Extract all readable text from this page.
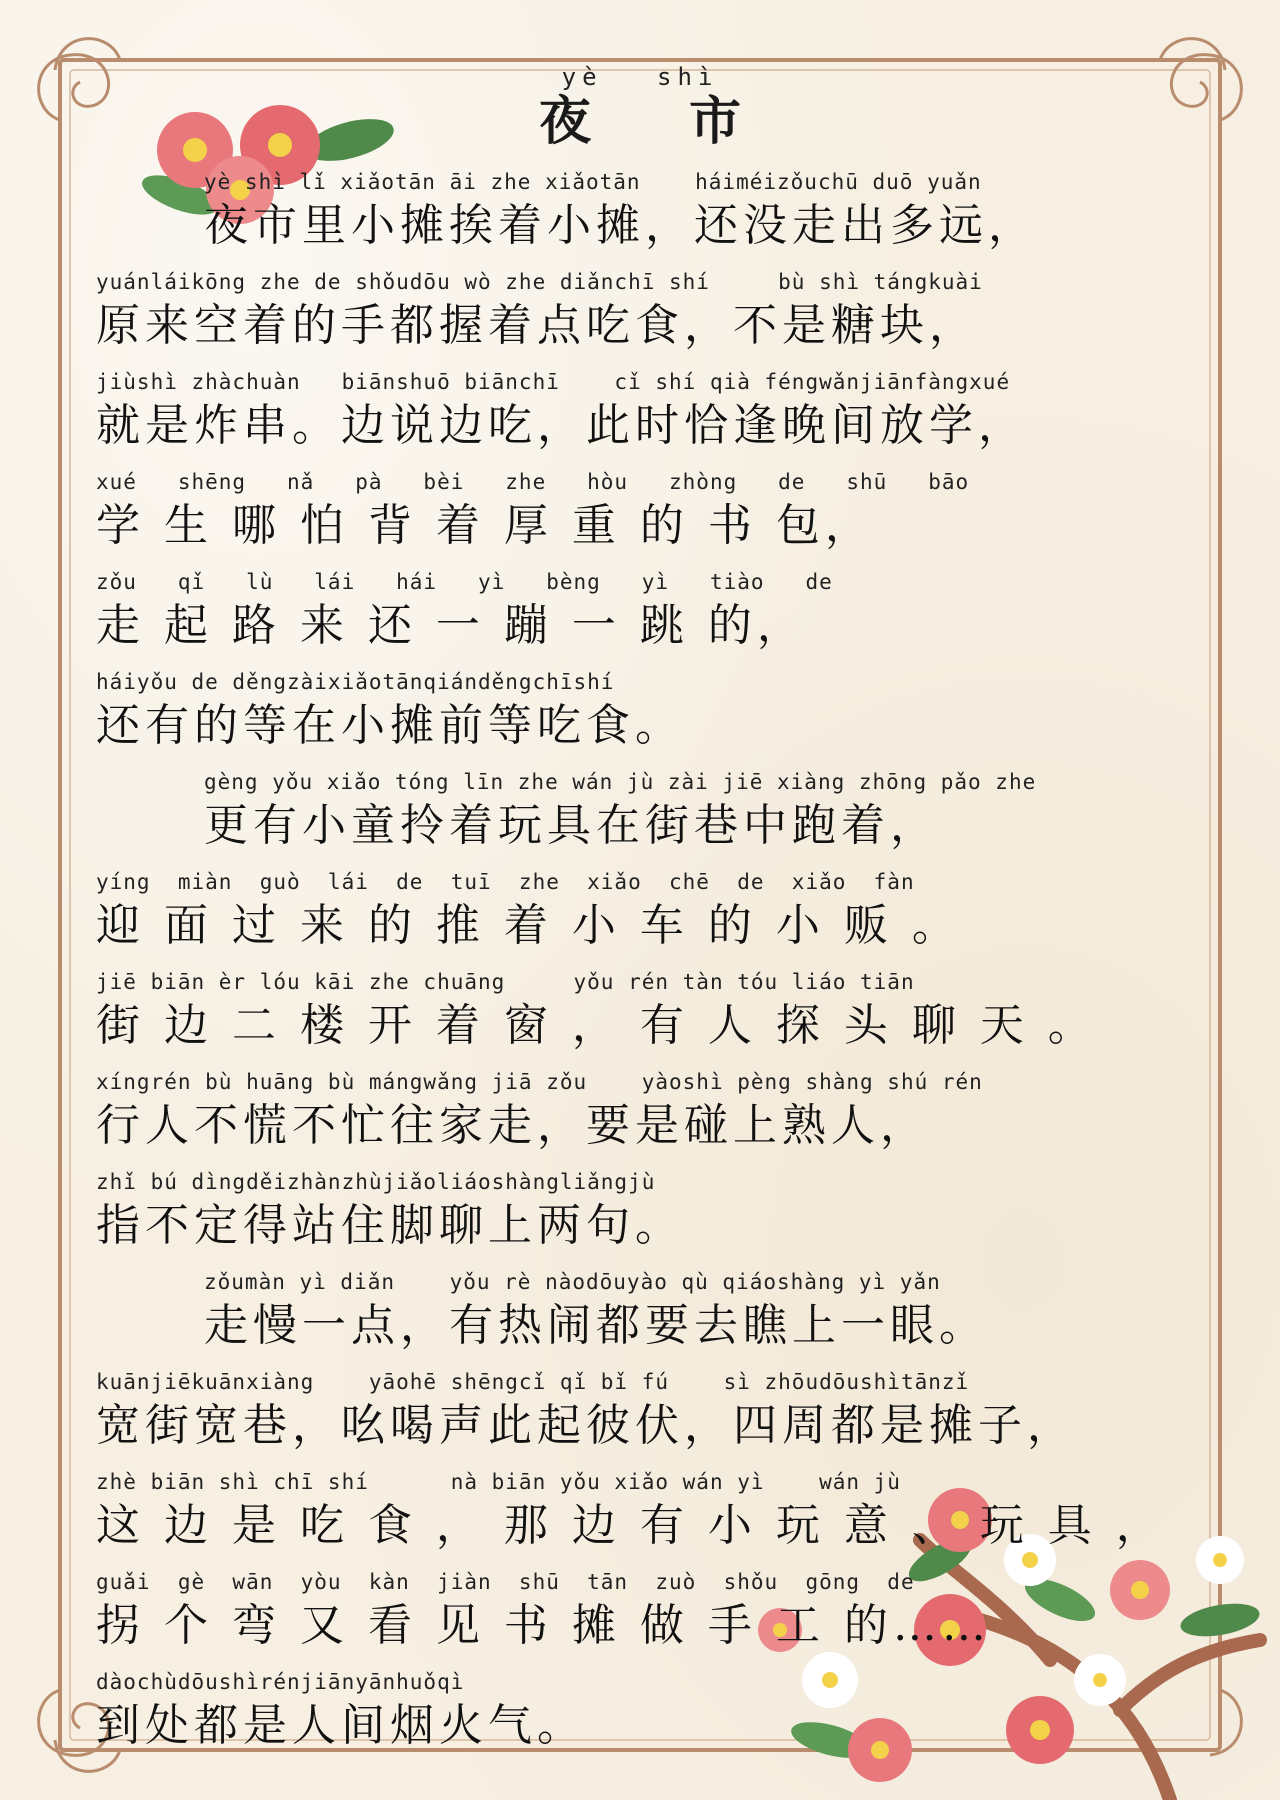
yè shì
夜 市
yè shì lǐ xiǎotān āi zhe xiǎotān    háiméizǒuchū duō yuǎn
夜市里小摊挨着小摊，还没走出多远，
yuánláikōng zhe de shǒudōu wò zhe diǎnchī shí     bù shì tángkuài
原来空着的手都握着点吃食，不是糖块，
jiùshì zhàchuàn   biānshuō biānchī    cǐ shí qià féngwǎnjiānfàngxué
就是炸串。边说边吃，此时恰逢晚间放学，
xué   shēng   nǎ   pà   bèi   zhe   hòu   zhòng   de   shū   bāo
学 生 哪 怕 背 着 厚 重 的 书 包，
zǒu   qǐ   lù   lái   hái   yì   bèng   yì   tiào   de
走 起 路 来 还 一 蹦 一 跳 的，
háiyǒu de děngzàixiǎotānqiánděngchīshí
还有的等在小摊前等吃食。
gèng yǒu xiǎo tóng līn zhe wán jù zài jiē xiàng zhōng pǎo zhe
更有小童拎着玩具在街巷中跑着，
yíng  miàn  guò  lái  de  tuī  zhe  xiǎo  chē  de  xiǎo  fàn
迎 面 过 来 的 推 着 小 车 的 小 贩 。
jiē biān èr lóu kāi zhe chuāng     yǒu rén tàn tóu liáo tiān
街 边 二 楼 开 着 窗 ， 有 人 探 头 聊 天 。
xíngrén bù huāng bù mángwǎng jiā zǒu    yàoshì pèng shàng shú rén
行人不慌不忙往家走，要是碰上熟人，
zhǐ bú dìngděizhànzhùjiǎoliáoshàngliǎngjù
指不定得站住脚聊上两句。
zǒumàn yì diǎn    yǒu rè nàodōuyào qù qiáoshàng yì yǎn
走慢一点，有热闹都要去瞧上一眼。
kuānjiēkuānxiàng    yāohē shēngcǐ qǐ bǐ fú    sì zhōudōushìtānzǐ
宽街宽巷，吆喝声此起彼伏，四周都是摊子，
zhè biān shì chī shí      nà biān yǒu xiǎo wán yì    wán jù
这 边 是 吃 食 ， 那 边 有 小 玩 意 、 玩 具 ，
guǎi  gè  wān  yòu  kàn  jiàn  shū  tān  zuò  shǒu  gōng  de
拐 个 弯 又 看 见 书 摊 做 手 工 的……
dàochùdōushìrénjiānyānhuǒqì
到处都是人间烟火气。
